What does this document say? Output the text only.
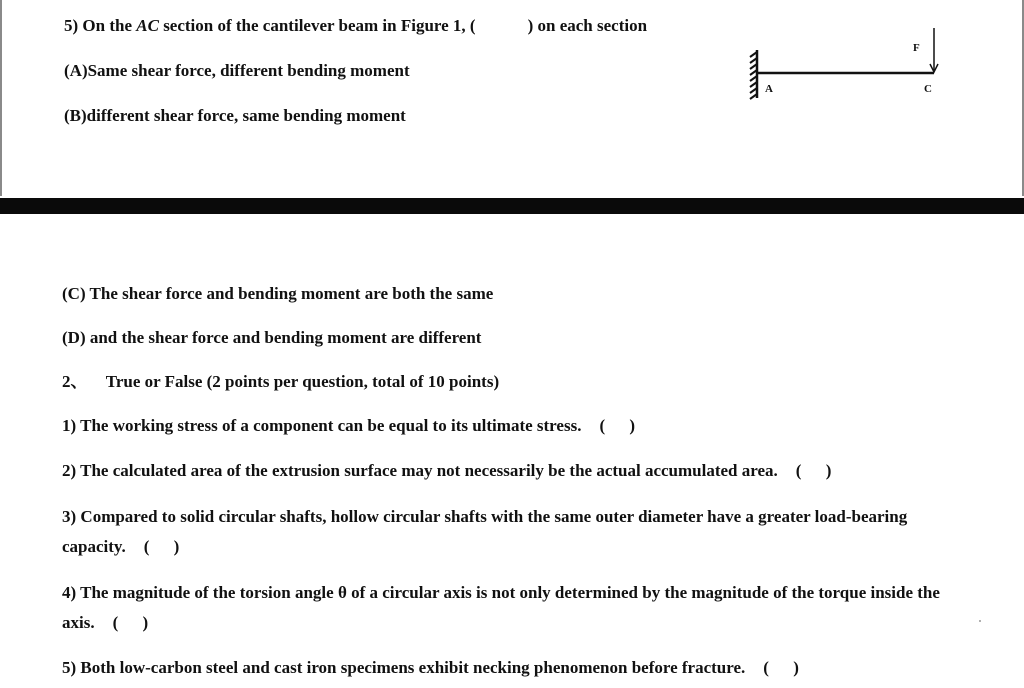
5) On the AC section of the cantilever beam in Figure 1, (	) on each section
(A)Same shear force, different bending moment
(B)different shear force, same bending moment
F
A	C
(C) The shear force and bending moment are both the same
(D) and the shear force and bending moment are different
2、 True or False (2 points per question, total of 10 points)
1) The working stress of a component can be equal to its ultimate stress. ( )
2) The calculated area of the extrusion surface may not necessarily be the actual accumulated area. ( )
3) Compared to solid circular shafts, hollow circular shafts with the same outer diameter have a greater load-bearing capacity. ( )
4) The magnitude of the torsion angle θ of a circular axis is not only determined by the magnitude of the torque inside the axis. ( )
5) Both low-carbon steel and cast iron specimens exhibit necking phenomenon before fracture. ( )
